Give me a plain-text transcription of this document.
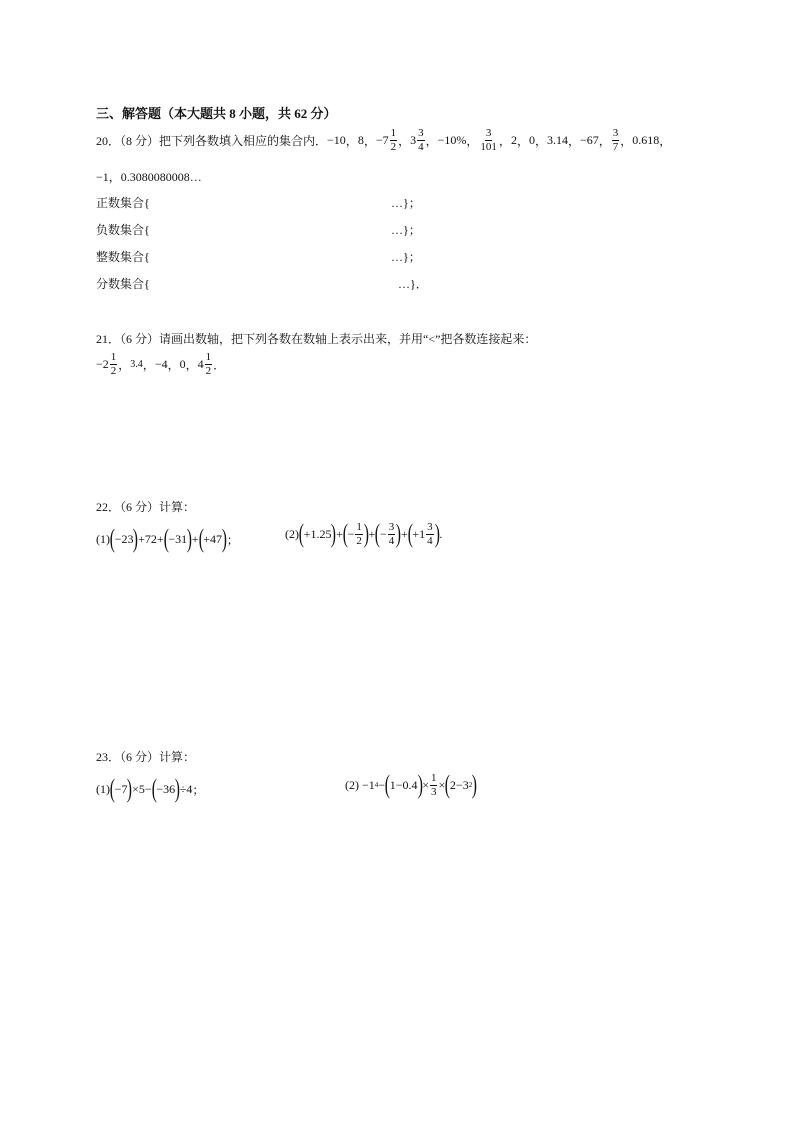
三、解答题（本大题共 8 小题，共 62 分）
20．（8 分）把下列各数填入相应的集合内． −10 ， 8 ， $-7 \frac{1}{2}$ ， $3 \frac{3}{4}$ ， −10% ， $\frac{3}{101}$ ， 2 ， 0 ， 3.14 ， −67 ， $\frac{3}{7}$ ， 0.618 ，
−1，0.3080080008…
正数集合{	…}；
负数集合{	…}；
整数集合{	…}；
分数集合{	…}．
21．（6 分）请画出数轴，把下列各数在数轴上表示出来，并用“<”把各数连接起来：
$-2 \frac{1}{2}$ ， 3.4 ， −4 ， 0 ， $4 \frac{1}{2}$ ．
22．（6 分）计算：
(1) ( −23 ) +72+ ( −31 ) + ( +47 ) ；	(2) ( +1.25 ) + ( − $\frac{1}{2}$ ) + ( − $\frac{3}{4}$ ) + ( $+1 \frac{3}{4}$ ) .
23．（6 分）计算：
(1) ( −7 ) ×5− ( −36 ) ÷4 ；	(2) −1 4 − ( 1−0.4 ) × $\frac{1}{3}$ × ( 2−3 2 )
